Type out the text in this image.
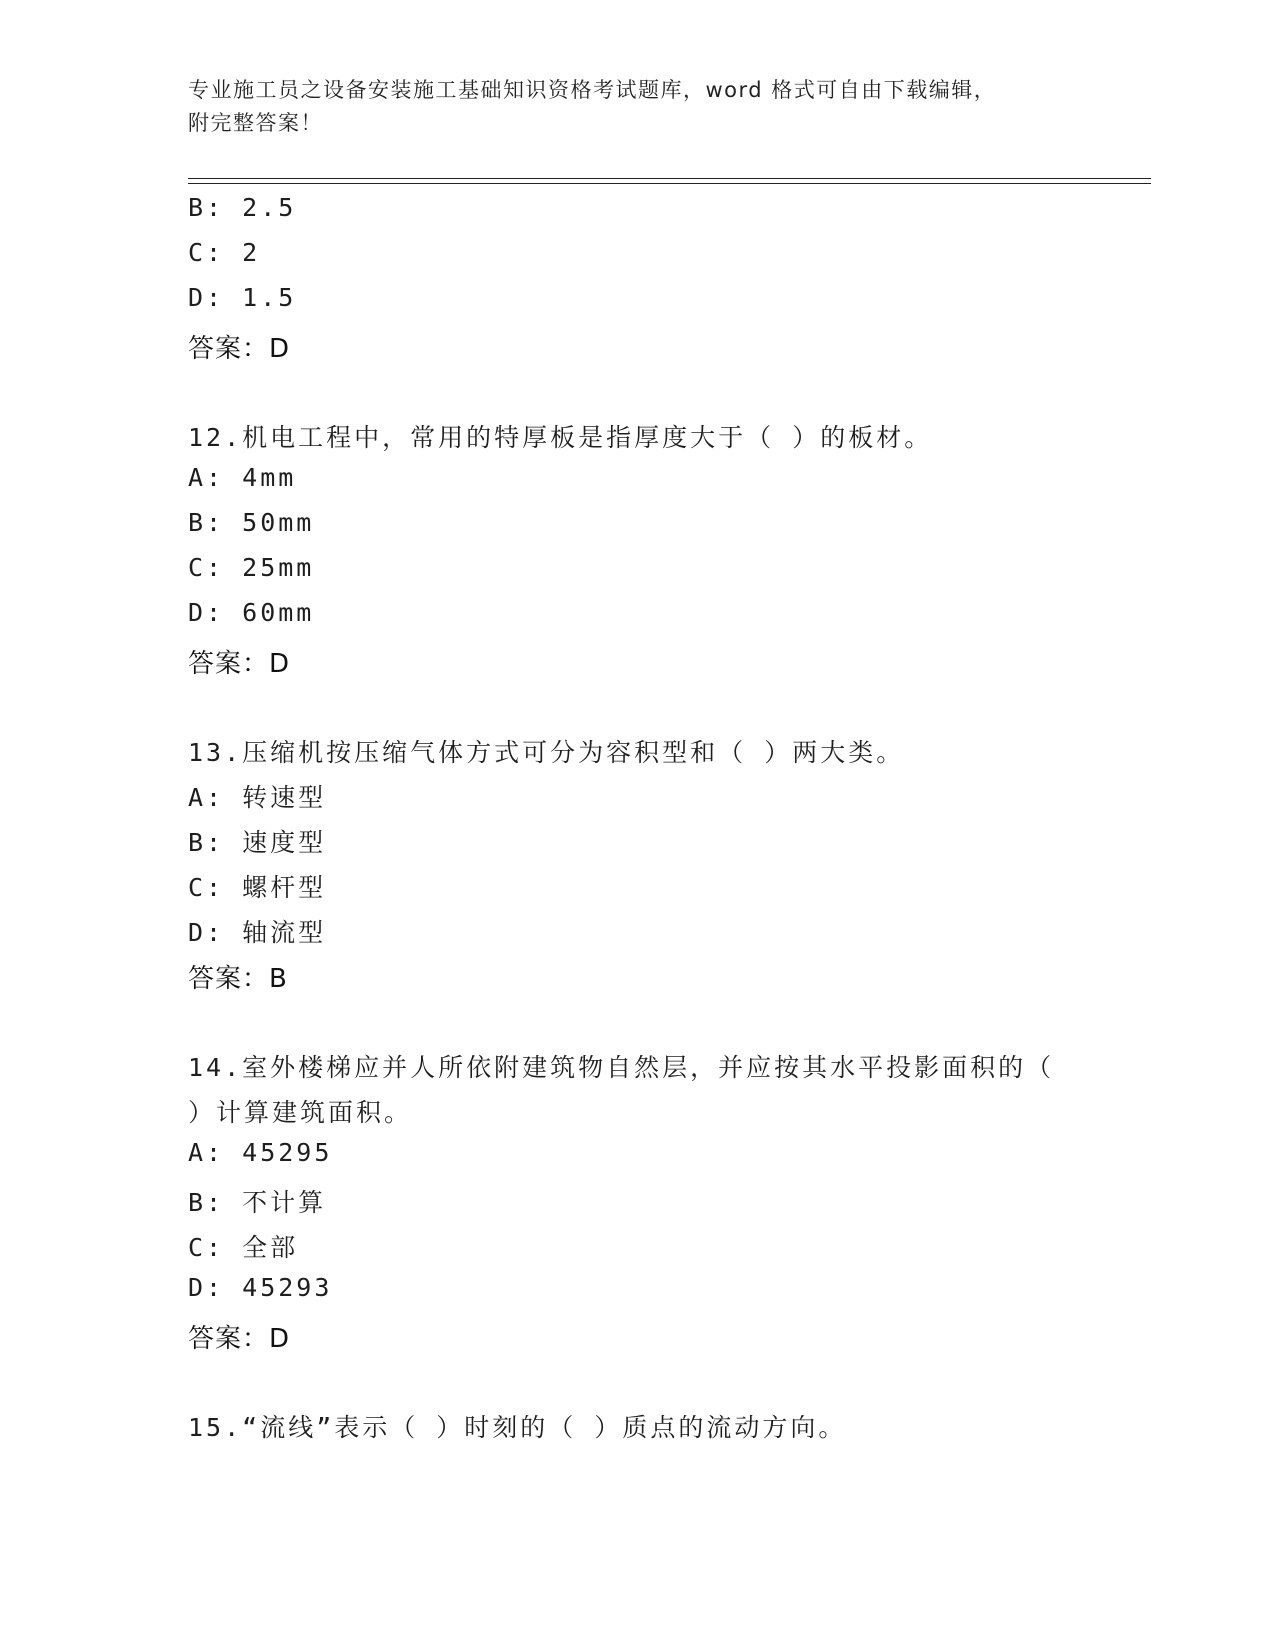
专业施工员之设备安装施工基础知识资格考试题库，word 格式可自由下载编辑，
附完整答案！
B: 2.5
C: 2
D: 1.5
答案：D
12.机电工程中，常用的特厚板是指厚度大于（ ）的板材。
A: 4mm
B: 50mm
C: 25mm
D: 60mm
答案：D
13.压缩机按压缩气体方式可分为容积型和（ ）两大类。
A: 转速型
B: 速度型
C: 螺杆型
D: 轴流型
答案：B
14.室外楼梯应并人所依附建筑物自然层，并应按其水平投影面积的（
）计算建筑面积。
A: 45295
B: 不计算
C: 全部
D: 45293
答案：D
15.“流线”表示（ ）时刻的（ ）质点的流动方向。
